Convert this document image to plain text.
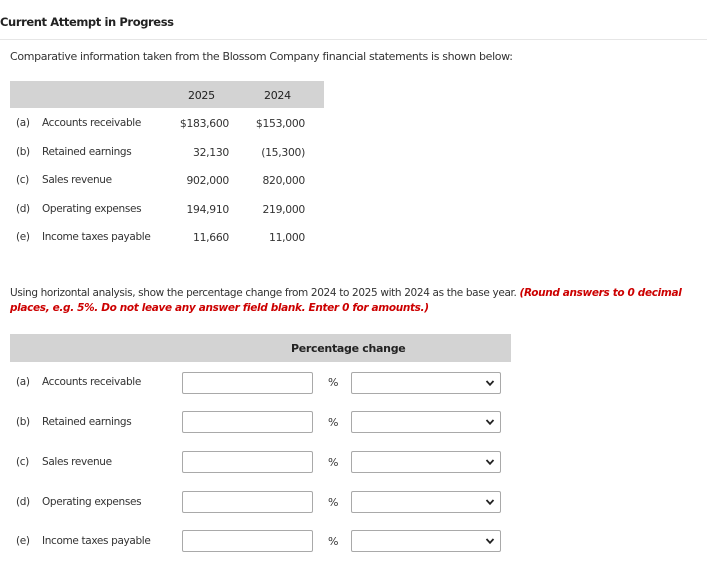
Current Attempt in Progress
Comparative information taken from the Blossom Company financial statements is shown below:
2025	2024
(a) Accounts receivable	$183,600 $153,000
(b) Retained earnings	32,130	(15,300)
(c) Sales revenue	902,000	820,000
(d) Operating expenses	194,910	219,000
(e) Income taxes payable	11,660	11,000
Using horizontal analysis, show the percentage change from 2024 to 2025 with 2024 as the base year. (Round answers to 0 decimal places, e.g. 5%. Do not leave any answer field blank. Enter 0 for amounts.)
Percentage change
(a) Accounts receivable	%
(b) Retained earnings	%
(c) Sales revenue	%
(d) Operating expenses	%
(e) Income taxes payable	%
